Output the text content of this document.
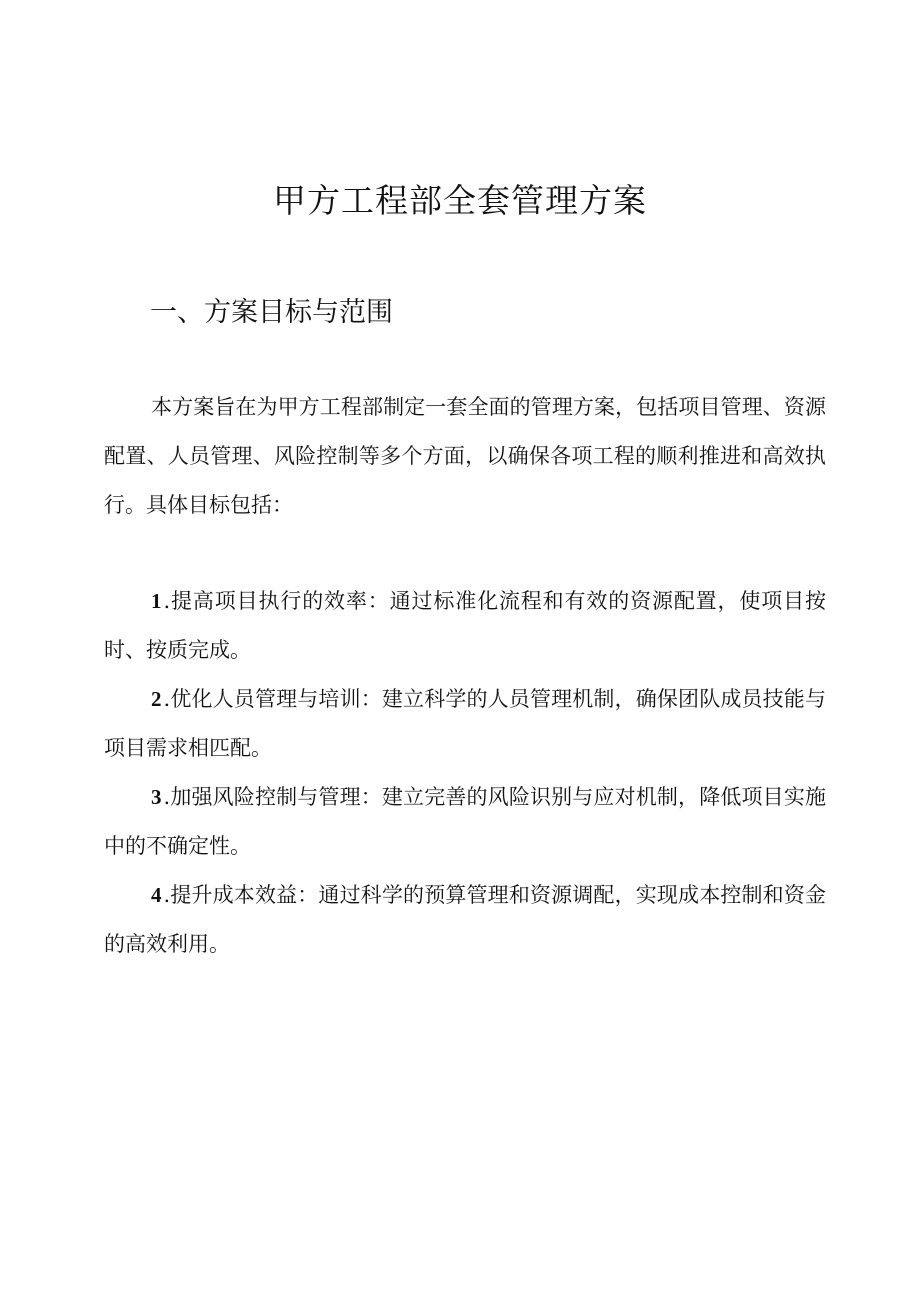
甲方工程部全套管理方案
一、方案目标与范围

本方案旨在为甲方工程部制定一套全面的管理方案，包括项目管理、资源配置、人员管理、风险控制等多个方面，以确保各项工程的顺利推进和高效执行。具体目标包括：

1.提高项目执行的效率：通过标准化流程和有效的资源配置，使项目按时、按质完成。

2.优化人员管理与培训：建立科学的人员管理机制，确保团队成员技能与项目需求相匹配。

3.加强风险控制与管理：建立完善的风险识别与应对机制，降低项目实施中的不确定性。

4.提升成本效益：通过科学的预算管理和资源调配，实现成本控制和资金的高效利用。
